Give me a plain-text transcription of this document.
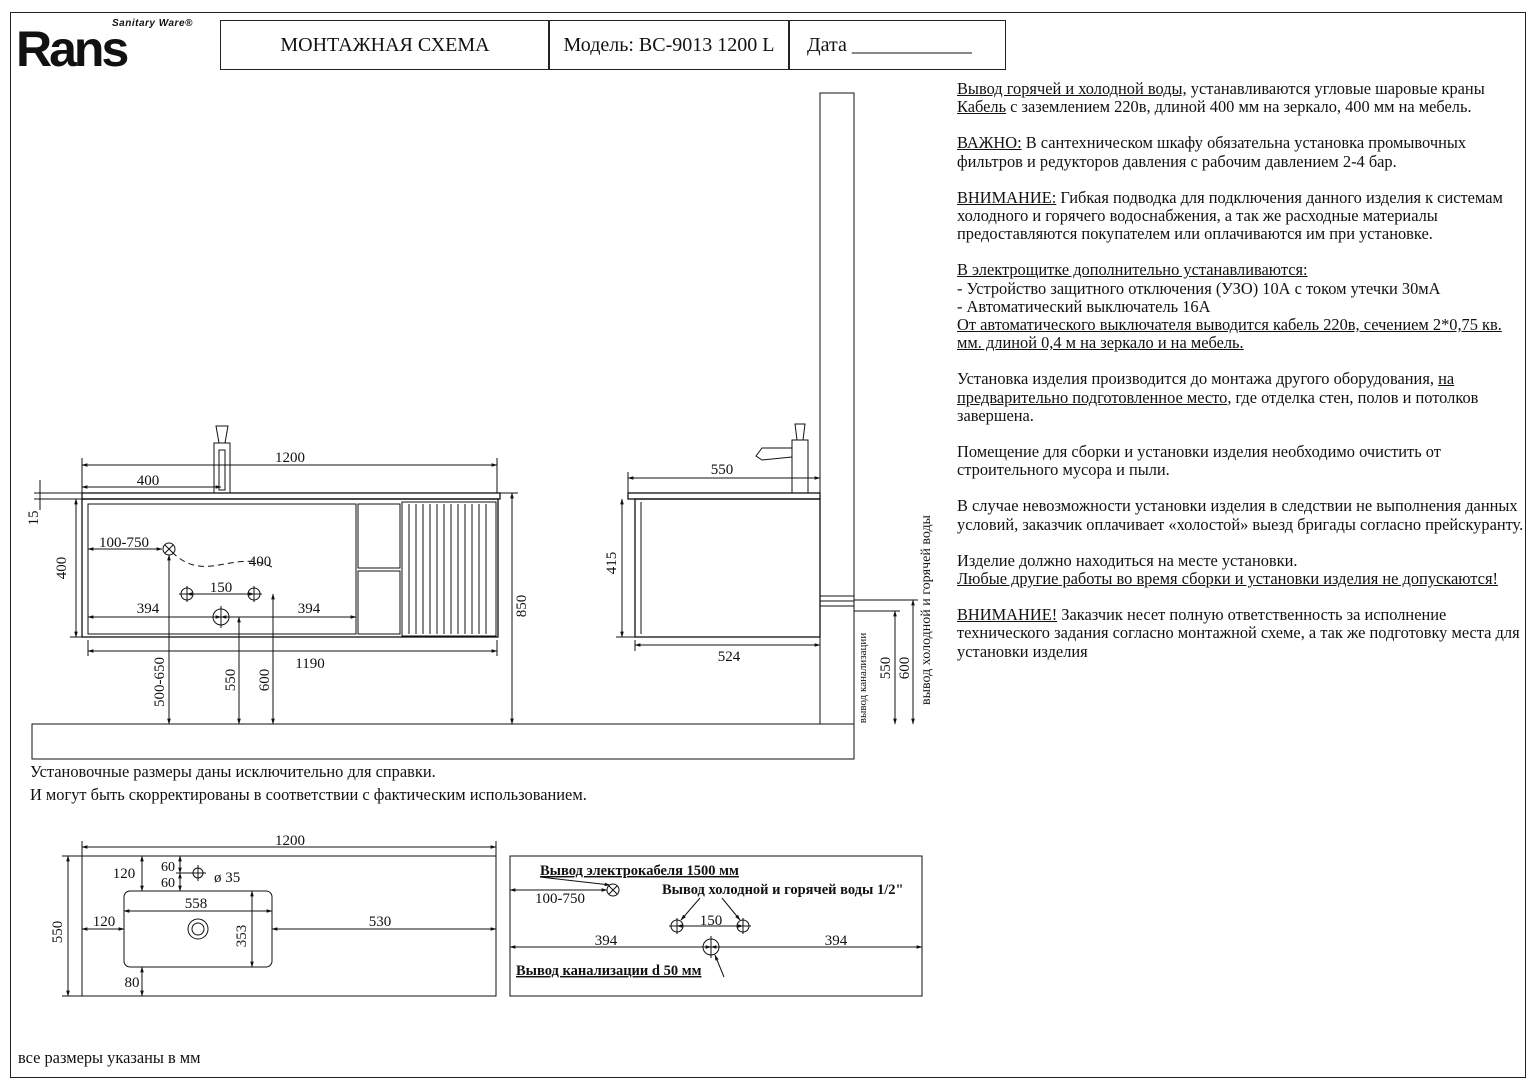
Sanitary Ware®
Rans	МОНТАЖНАЯ СХЕМА	Модель: BC-9013 1200 L	Дата ____________

Вывод горячей и холодной воды, устанавливаются угловые шаровые краны
Кабель с заземлением 220в, длиной 400 мм на зеркало, 400 мм на мебель.

ВАЖНО: В сантехническом шкафу обязательна установка промывочных фильтров и редукторов давления с рабочим давлением 2-4 бар.

ВНИМАНИЕ: Гибкая подводка для подключения данного изделия к системам холодного и горячего водоснабжения, а так же расходные материалы предоставляются покупателем или оплачиваются им при установке.

В электрощитке дополнительно устанавливаются:
- Устройство защитного отключения (УЗО) 10А с током утечки 30мА
- Автоматический выключатель 16А
От автоматического выключателя выводится кабель 220в, сечением 2*0,75 кв. мм. длиной 0,4 м на зеркало и на мебель.

Установка изделия производится до монтажа другого оборудования, на предварительно подготовленное место, где отделка стен, полов и потолков завершена.

Помещение для сборки и установки изделия необходимо очистить от строительного мусора и пыли.

В случае невозможности установки изделия в следствии не выполнения данных условий, заказчик оплачивает «холостой» выезд бригады согласно прейскуранту.

Изделие должно находиться на месте установки.
Любые другие работы во время сборки и установки изделия не допускаются!

ВНИМАНИЕ! Заказчик несет полную ответственность за исполнение технического задания согласно монтажной схеме, а так же подготовку места для установки изделия

Установочные размеры даны исключительно для справки.
И могут быть скорректированы в соответствии с фактическим использованием.
все размеры указаны в мм
1200
400
15
400
100-750
400
150
394	394	850
1190
500-650	550 600
550
415
524	вывод канализации 550 600 вывод холодной и горячей воды
1200
120 60
60	ø 35
558
120	530
550	353
80
Вывод электрокабеля 1500 мм
Вывод холодной и горячей воды 1/2"
100-750
150
394	394
Вывод канализации d 50 мм
